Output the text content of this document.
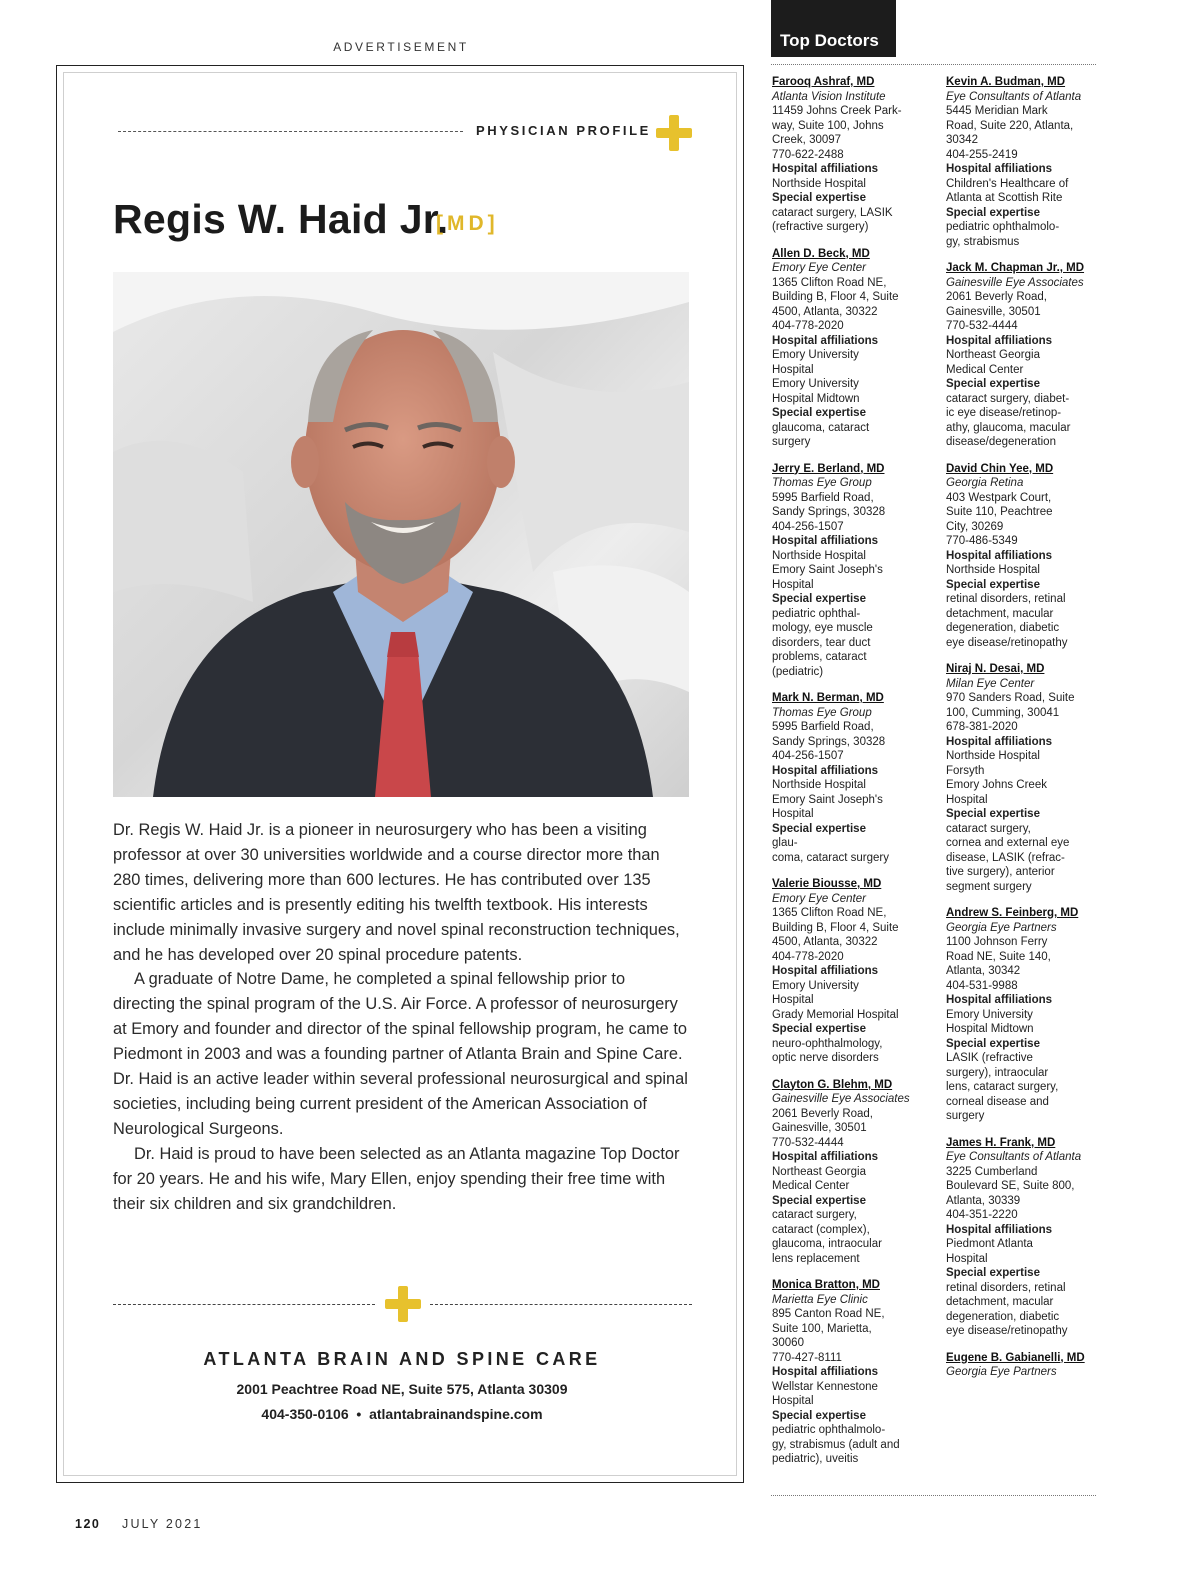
ADVERTISEMENT
PHYSICIAN PROFILE
Regis W. Haid Jr.
[MD]

Dr. Regis W. Haid Jr. is a pioneer in neurosurgery who has been a visiting professor at over 30 universities worldwide and a course director more than 280 times, delivering more than 600 lectures. He has contributed over 135 scientific articles and is presently editing his twelfth textbook. His interests include minimally invasive surgery and novel spinal reconstruction techniques, and he has developed over 20 spinal procedure patents.

A graduate of Notre Dame, he completed a spinal fellowship prior to directing the spinal program of the U.S. Air Force. A professor of neurosurgery at Emory and founder and director of the spinal fellowship program, he came to Piedmont in 2003 and was a founding partner of Atlanta Brain and Spine Care. Dr. Haid is an active leader within several professional neurosurgical and spinal societies, including being current president of the American Association of Neurological Surgeons.

Dr. Haid is proud to have been selected as an Atlanta magazine Top Doctor for 20 years. He and his wife, Mary Ellen, enjoy spending their free time with their six children and six grandchildren.

ATLANTA BRAIN AND SPINE CARE
2001 Peachtree Road NE, Suite 575, Atlanta 30309
404-350-0106 • atlantabrainandspine.com
Top Doctors
Farooq Ashraf, MD
Atlanta Vision Institute
11459 Johns Creek Park-
way, Suite 100, Johns
Creek, 30097
770-622-2488
Hospital affiliations
Northside Hospital
Special expertise
cataract surgery, LASIK
(refractive surgery)
Allen D. Beck, MD
Emory Eye Center
1365 Clifton Road NE,
Building B, Floor 4, Suite
4500, Atlanta, 30322
404-778-2020
Hospital affiliations
Emory University
Hospital
Emory University
Hospital Midtown
Special expertise
glaucoma, cataract
surgery
Jerry E. Berland, MD
Thomas Eye Group
5995 Barfield Road,
Sandy Springs, 30328
404-256-1507
Hospital affiliations
Northside Hospital
Emory Saint Joseph's
Hospital
Special expertise
pediatric ophthal-
mology, eye muscle
disorders, tear duct
problems, cataract
(pediatric)
Mark N. Berman, MD
Thomas Eye Group
5995 Barfield Road,
Sandy Springs, 30328
404-256-1507
Hospital affiliations
Northside Hospital
Emory Saint Joseph's
Hospital
Special expertise
glau-
coma, cataract surgery
Valerie Biousse, MD
Emory Eye Center
1365 Clifton Road NE,
Building B, Floor 4, Suite
4500, Atlanta, 30322
404-778-2020
Hospital affiliations
Emory University
Hospital
Grady Memorial Hospital
Special expertise
neuro-ophthalmology,
optic nerve disorders
Clayton G. Blehm, MD
Gainesville Eye Associates
2061 Beverly Road,
Gainesville, 30501
770-532-4444
Hospital affiliations
Northeast Georgia
Medical Center
Special expertise
cataract surgery,
cataract (complex),
glaucoma, intraocular
lens replacement
Monica Bratton, MD
Marietta Eye Clinic
895 Canton Road NE,
Suite 100, Marietta,
30060
770-427-8111
Hospital affiliations
Wellstar Kennestone
Hospital
Special expertise
pediatric ophthalmolo-
gy, strabismus (adult and
pediatric), uveitis
Kevin A. Budman, MD
Eye Consultants of Atlanta
5445 Meridian Mark
Road, Suite 220, Atlanta,
30342
404-255-2419
Hospital affiliations
Children's Healthcare of
Atlanta at Scottish Rite
Special expertise
pediatric ophthalmolo-
gy, strabismus
Jack M. Chapman Jr., MD
Gainesville Eye Associates
2061 Beverly Road,
Gainesville, 30501
770-532-4444
Hospital affiliations
Northeast Georgia
Medical Center
Special expertise
cataract surgery, diabet-
ic eye disease/retinop-
athy, glaucoma, macular
disease/degeneration
David Chin Yee, MD
Georgia Retina
403 Westpark Court,
Suite 110, Peachtree
City, 30269
770-486-5349
Hospital affiliations
Northside Hospital
Special expertise
retinal disorders, retinal
detachment, macular
degeneration, diabetic
eye disease/retinopathy
Niraj N. Desai, MD
Milan Eye Center
970 Sanders Road, Suite
100, Cumming, 30041
678-381-2020
Hospital affiliations
Northside Hospital
Forsyth
Emory Johns Creek
Hospital
Special expertise
cataract surgery,
cornea and external eye
disease, LASIK (refrac-
tive surgery), anterior
segment surgery
Andrew S. Feinberg, MD
Georgia Eye Partners
1100 Johnson Ferry
Road NE, Suite 140,
Atlanta, 30342
404-531-9988
Hospital affiliations
Emory University
Hospital Midtown
Special expertise
LASIK (refractive
surgery), intraocular
lens, cataract surgery,
corneal disease and
surgery
James H. Frank, MD
Eye Consultants of Atlanta
3225 Cumberland
Boulevard SE, Suite 800,
Atlanta, 30339
404-351-2220
Hospital affiliations
Piedmont Atlanta
Hospital
Special expertise
retinal disorders, retinal
detachment, macular
degeneration, diabetic
eye disease/retinopathy
Eugene B. Gabianelli, MD
Georgia Eye Partners
120 JULY 2021
